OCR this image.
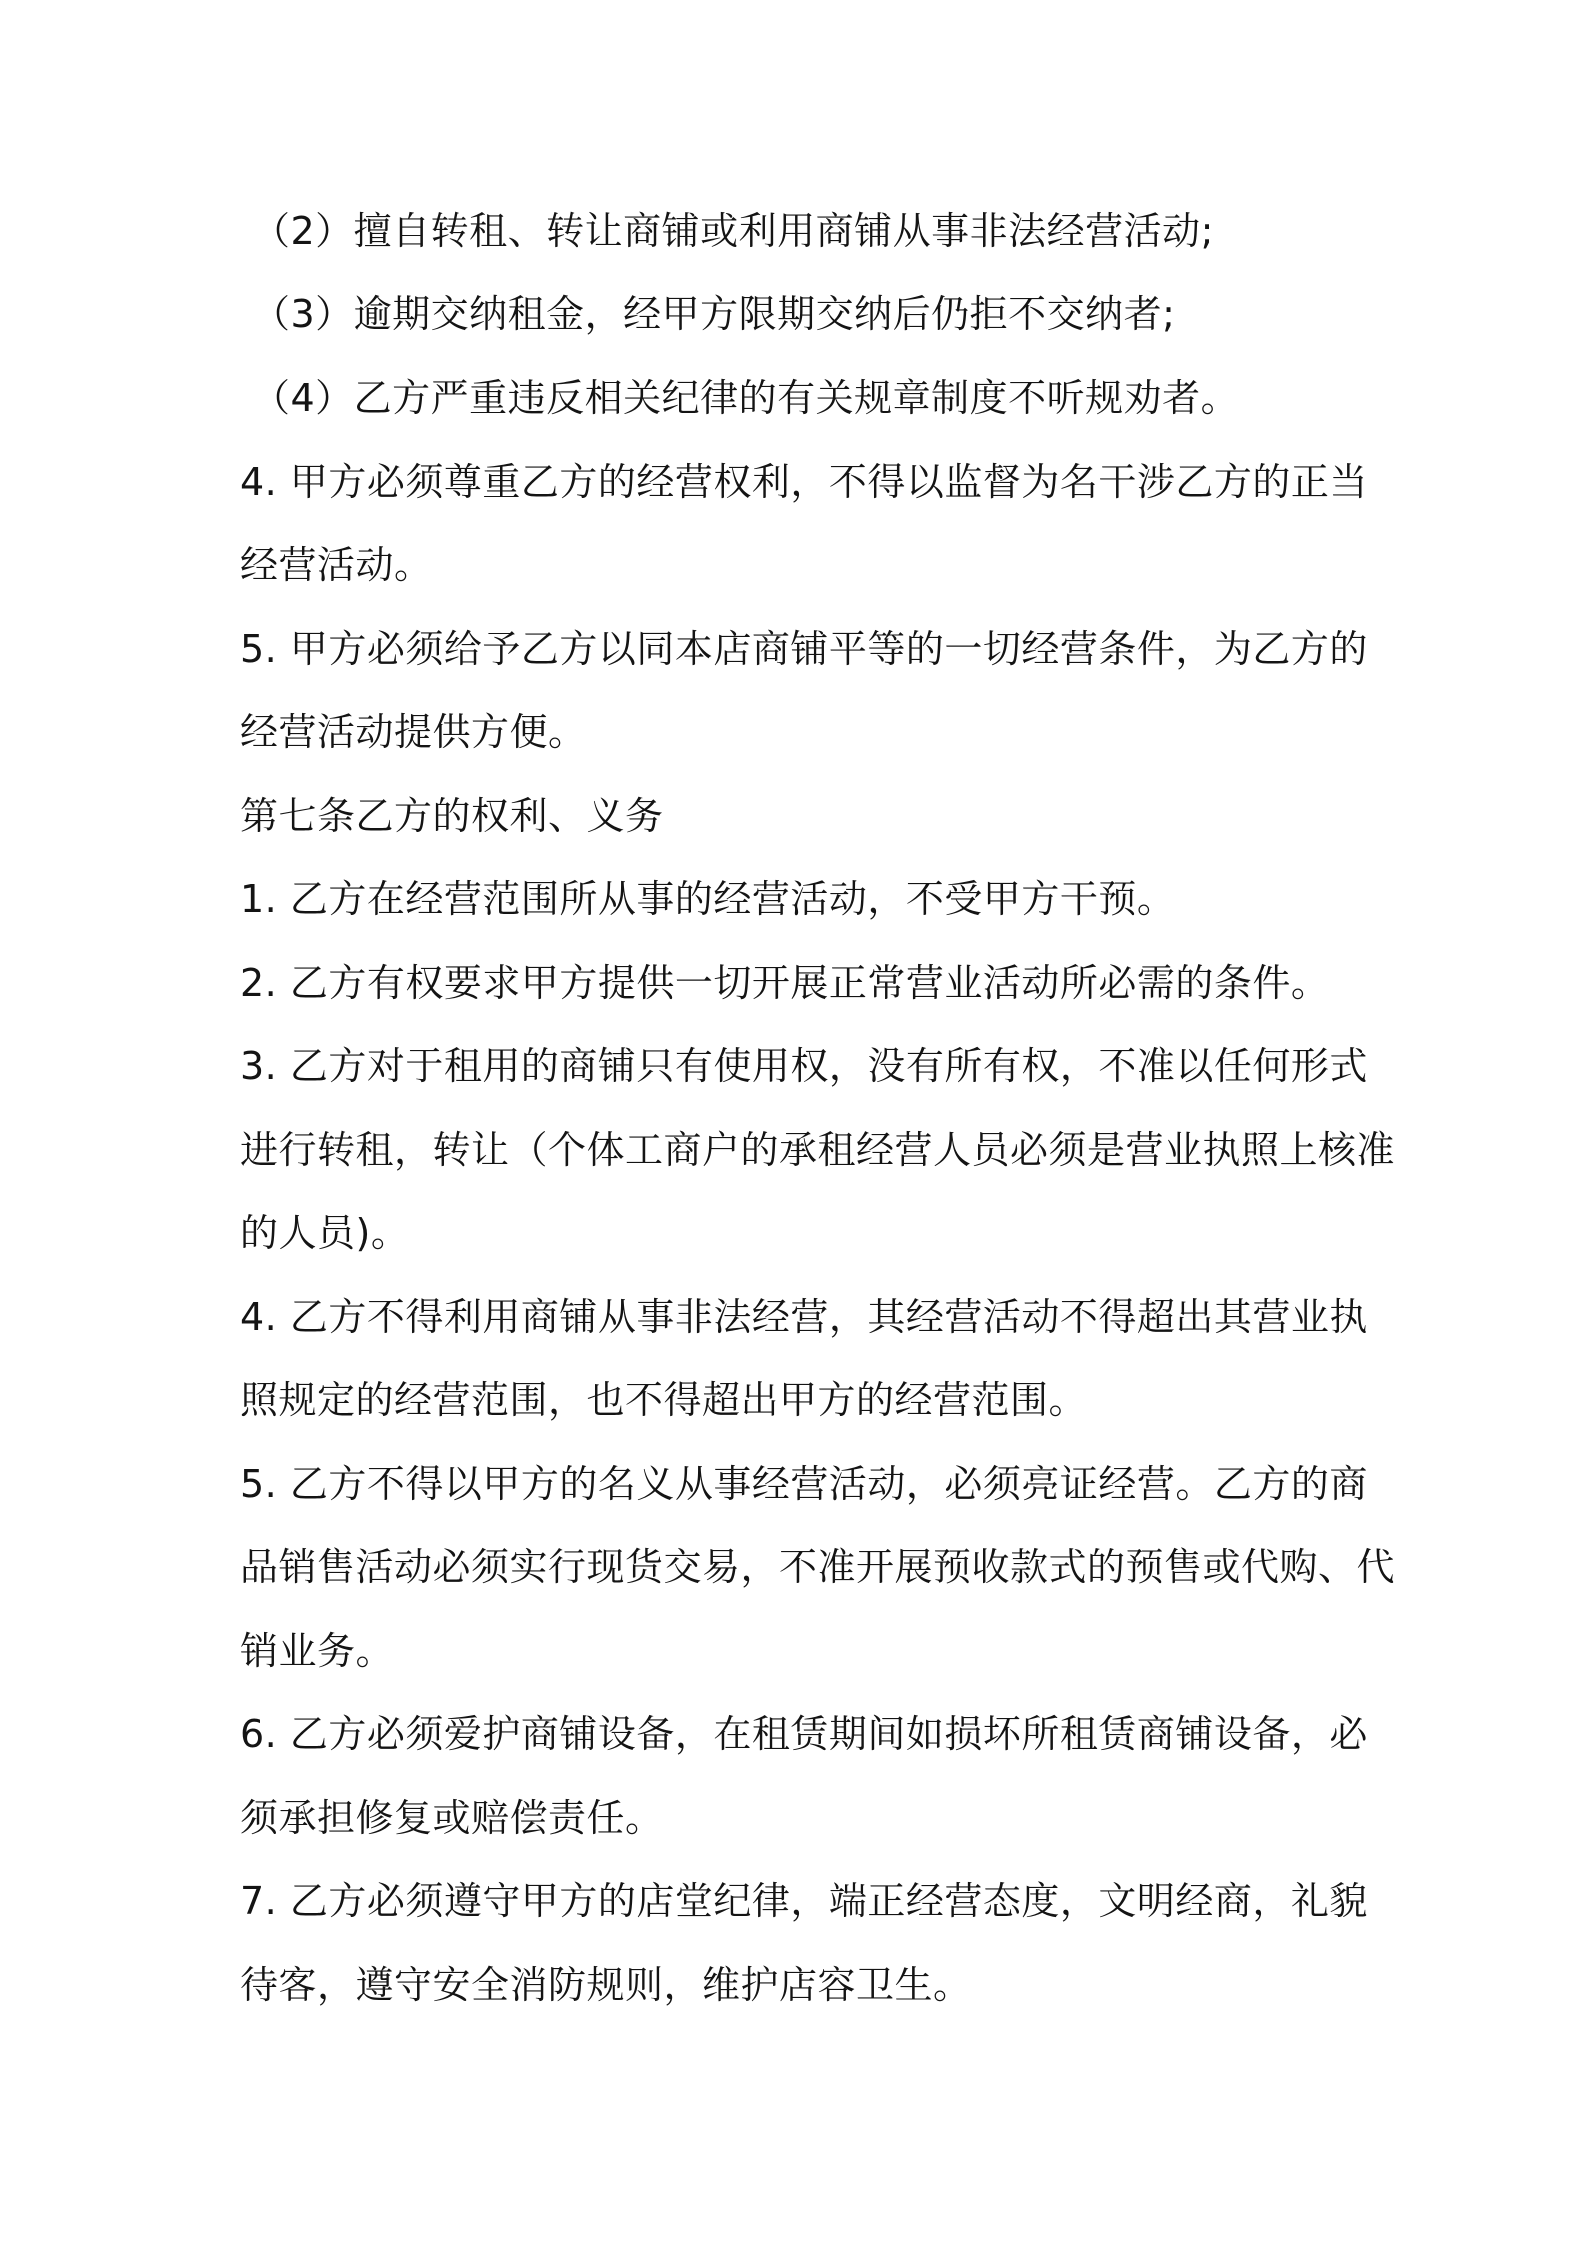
（2）擅自转租、转让商铺或利用商铺从事非法经营活动;
（3）逾期交纳租金，经甲方限期交纳后仍拒不交纳者;
（4）乙方严重违反相关纪律的有关规章制度不听规劝者。
4. 甲方必须尊重乙方的经营权利，不得以监督为名干涉乙方的正当
经营活动。
5. 甲方必须给予乙方以同本店商铺平等的一切经营条件，为乙方的
经营活动提供方便。
第七条乙方的权利、义务
1. 乙方在经营范围所从事的经营活动，不受甲方干预。
2. 乙方有权要求甲方提供一切开展正常营业活动所必需的条件。
3. 乙方对于租用的商铺只有使用权，没有所有权，不准以任何形式
进行转租，转让（个体工商户的承租经营人员必须是营业执照上核准
的人员)。
4. 乙方不得利用商铺从事非法经营，其经营活动不得超出其营业执
照规定的经营范围，也不得超出甲方的经营范围。
5. 乙方不得以甲方的名义从事经营活动，必须亮证经营。乙方的商
品销售活动必须实行现货交易，不准开展预收款式的预售或代购、代
销业务。
6. 乙方必须爱护商铺设备，在租赁期间如损坏所租赁商铺设备，必
须承担修复或赔偿责任。
7. 乙方必须遵守甲方的店堂纪律，端正经营态度，文明经商，礼貌
待客，遵守安全消防规则，维护店容卫生。
